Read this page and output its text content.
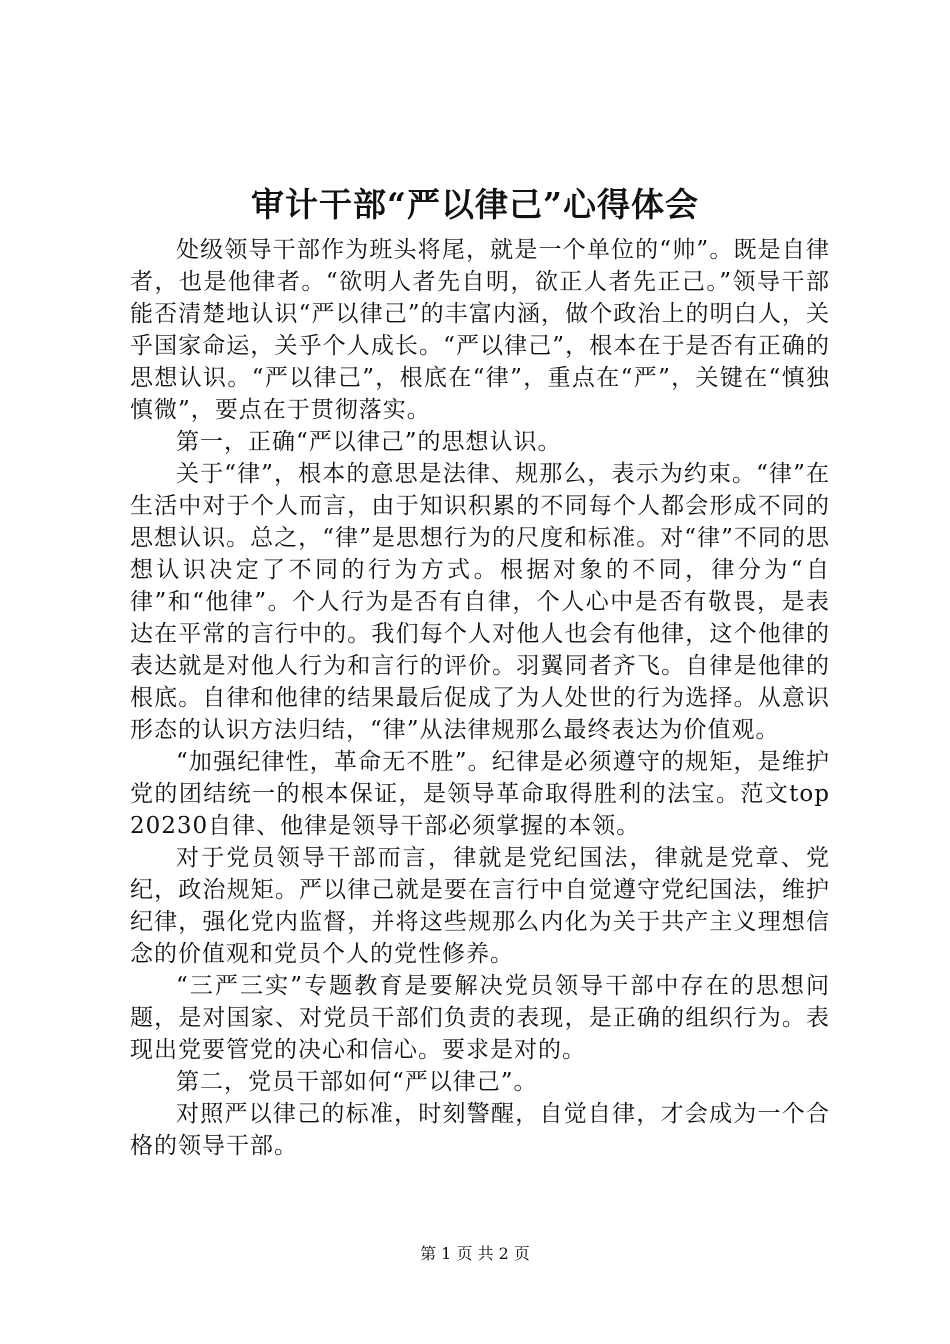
审计干部“严以律己”心得体会

处级领导干部作为班头将尾，就是一个单位的“帅”。既是自律者，也是他律者。“欲明人者先自明，欲正人者先正己。”领导干部能否清楚地认识“严以律己”的丰富内涵，做个政治上的明白人，关乎国家命运，关乎个人成长。“严以律己”，根本在于是否有正确的思想认识。“严以律己”，根底在“律”，重点在“严”，关键在“慎独慎微”，要点在于贯彻落实。

第一，正确“严以律己”的思想认识。

关于“律”，根本的意思是法律、规那么，表示为约束。“律”在生活中对于个人而言，由于知识积累的不同每个人都会形成不同的思想认识。总之，“律”是思想行为的尺度和标准。对“律”不同的思想认识决定了不同的行为方式。根据对象的不同，律分为“自律”和“他律”。个人行为是否有自律，个人心中是否有敬畏，是表达在平常的言行中的。我们每个人对他人也会有他律，这个他律的表达就是对他人行为和言行的评价。羽翼同者齐飞。自律是他律的根底。自律和他律的结果最后促成了为人处世的行为选择。从意识形态的认识方法归结，“律”从法律规那么最终表达为价值观。

“加强纪律性，革命无不胜”。纪律是必须遵守的规矩，是维护党的团结统一的根本保证，是领导革命取得胜利的法宝。范文top20230自律、他律是领导干部必须掌握的本领。

对于党员领导干部而言，律就是党纪国法，律就是党章、党纪，政治规矩。严以律己就是要在言行中自觉遵守党纪国法，维护纪律，强化党内监督，并将这些规那么内化为关于共产主义理想信念的价值观和党员个人的党性修养。

“三严三实”专题教育是要解决党员领导干部中存在的思想问题，是对国家、对党员干部们负责的表现，是正确的组织行为。表现出党要管党的决心和信心。要求是对的。

第二，党员干部如何“严以律己”。

对照严以律己的标准，时刻警醒，自觉自律，才会成为一个合格的领导干部。

第 1 页 共 2 页
